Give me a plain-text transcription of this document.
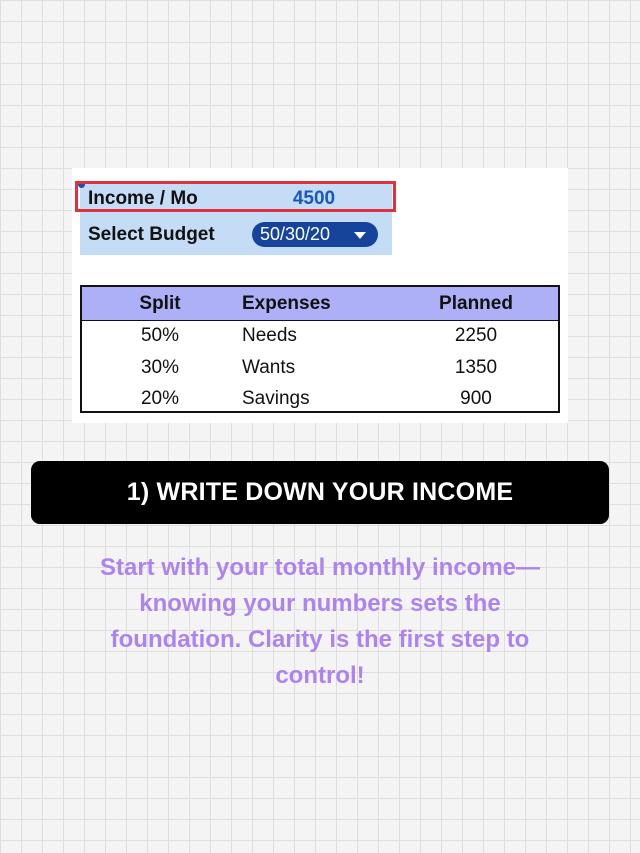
Income / Mo	4500
Select Budget	50/30/20
Split	Expenses	Planned
50%	Needs	2250
30%	Wants	1350
20%	Savings	900
1) WRITE DOWN YOUR INCOME
Start with your total monthly income—
knowing your numbers sets the
foundation. Clarity is the first step to
control!
